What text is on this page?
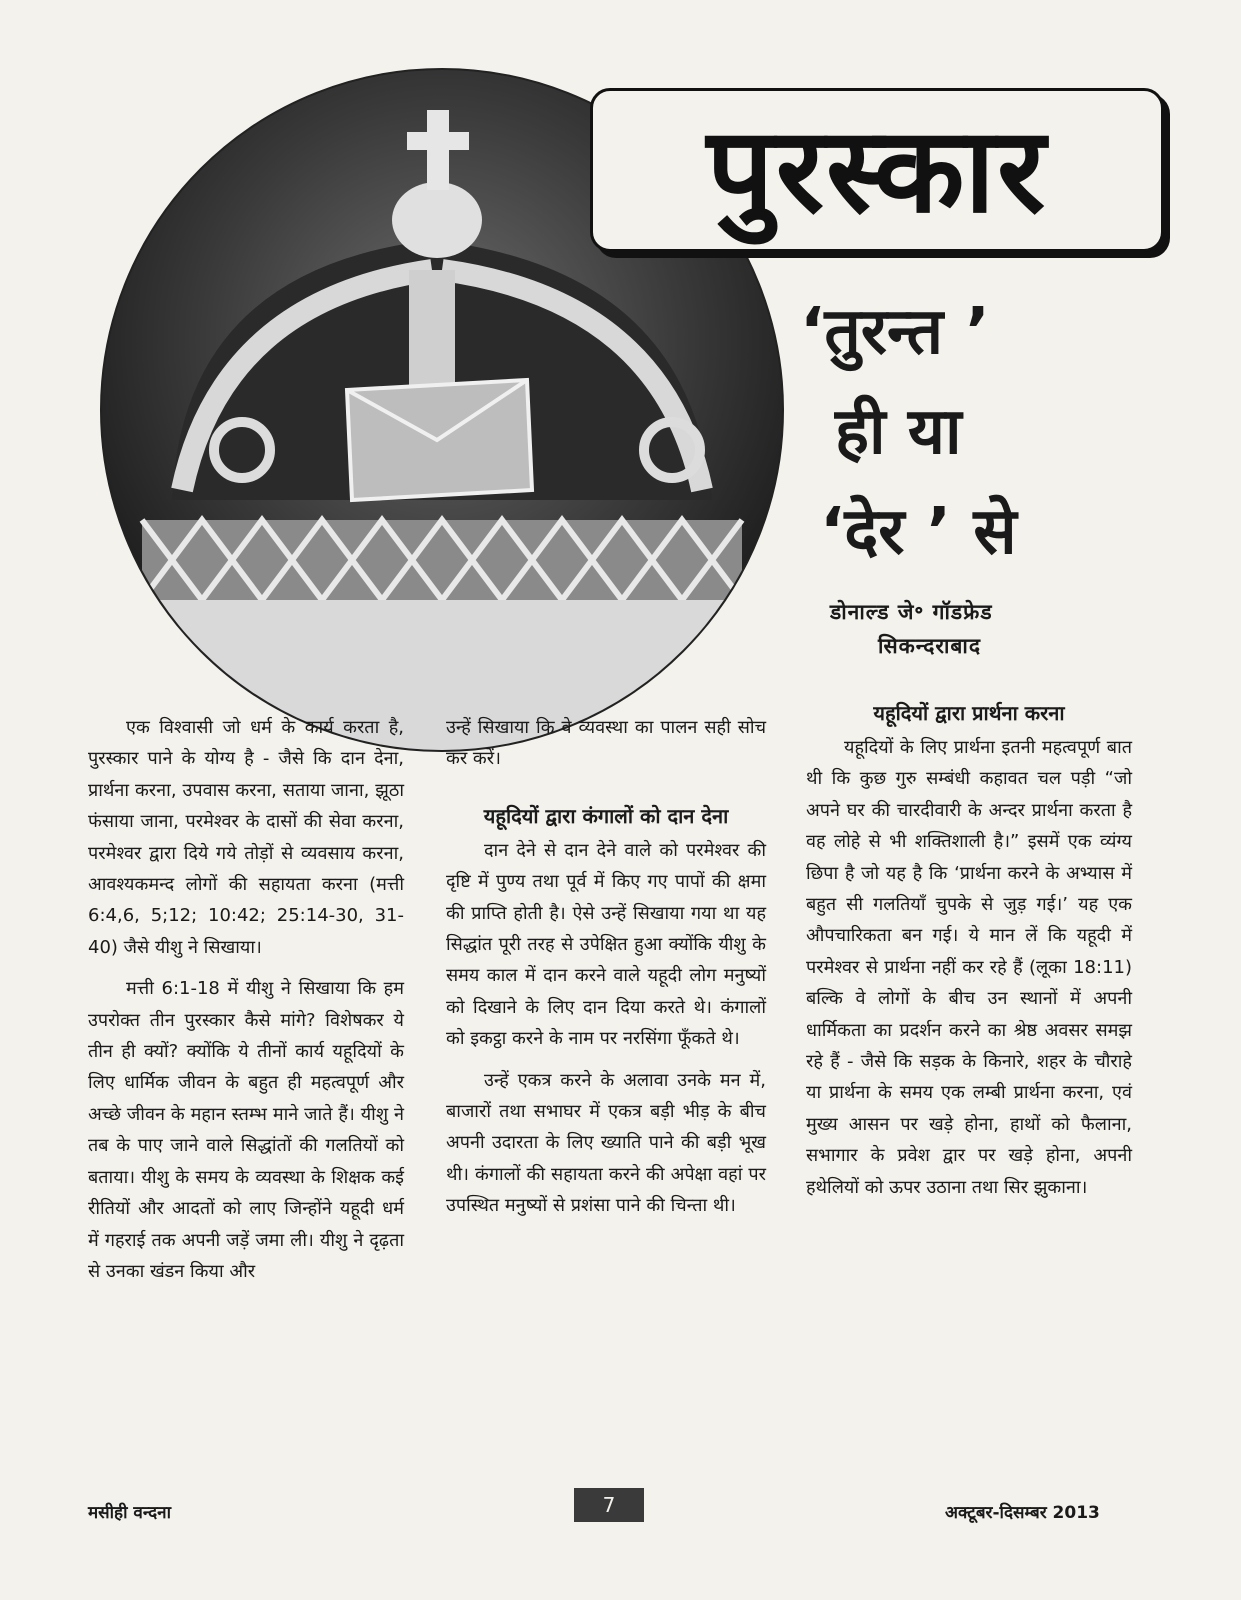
पुरस्कार
‘तुरन्त ’
ही या
‘देर ’ से
डोनाल्ड जे॰ गॉडफ्रेड
सिकन्दराबाद

एक विश्वासी जो धर्म के कार्य करता है, पुरस्कार पाने के योग्य है - जैसे कि दान देना, प्रार्थना करना, उपवास करना, सताया जाना, झूठा फंसाया जाना, परमेश्वर के दासों की सेवा करना, परमेश्वर द्वारा दिये गये तोड़ों से व्यवसाय करना, आवश्यकमन्द लोगों की सहायता करना (मत्ती 6:4,6, 5;12; 10:42; 25:14-30, 31-40) जैसे यीशु ने सिखाया।

मत्ती 6:1-18 में यीशु ने सिखाया कि हम उपरोक्त तीन पुरस्कार कैसे मांगे? विशेषकर ये तीन ही क्यों? क्योंकि ये तीनों कार्य यहूदियों के लिए धार्मिक जीवन के बहुत ही महत्वपूर्ण और अच्छे जीवन के महान स्तम्भ माने जाते हैं। यीशु ने तब के पाए जाने वाले सिद्धांतों की गलतियों को बताया। यीशु के समय के व्यवस्था के शिक्षक कई रीतियों और आदतों को लाए जिन्होंने यहूदी धर्म में गहराई तक अपनी जड़ें जमा ली। यीशु ने दृढ़ता से उनका खंडन किया और

उन्हें सिखाया कि वे व्यवस्था का पालन सही सोच कर करें।

यहूदियों द्वारा कंगालों को दान देना

दान देने से दान देने वाले को परमेश्वर की दृष्टि में पुण्य तथा पूर्व में किए गए पापों की क्षमा की प्राप्ति होती है। ऐसे उन्हें सिखाया गया था यह सिद्धांत पूरी तरह से उपेक्षित हुआ क्योंकि यीशु के समय काल में दान करने वाले यहूदी लोग मनुष्यों को दिखाने के लिए दान दिया करते थे। कंगालों को इकट्ठा करने के नाम पर नरसिंगा फूँकते थे।

उन्हें एकत्र करने के अलावा उनके मन में, बाजारों तथा सभाघर में एकत्र बड़ी भीड़ के बीच अपनी उदारता के लिए ख्याति पाने की बड़ी भूख थी। कंगालों की सहायता करने की अपेक्षा वहां पर उपस्थित मनुष्यों से प्रशंसा पाने की चिन्ता थी।

यहूदियों द्वारा प्रार्थना करना

यहूदियों के लिए प्रार्थना इतनी महत्वपूर्ण बात थी कि कुछ गुरु सम्बंधी कहावत चल पड़ी “जो अपने घर की चारदीवारी के अन्दर प्रार्थना करता है वह लोहे से भी शक्तिशाली है।” इसमें एक व्यंग्य छिपा है जो यह है कि ‘प्रार्थना करने के अभ्यास में बहुत सी गलतियाँ चुपके से जुड़ गई।’ यह एक औपचारिकता बन गई। ये मान लें कि यहूदी में परमेश्वर से प्रार्थना नहीं कर रहे हैं (लूका 18:11) बल्कि वे लोगों के बीच उन स्थानों में अपनी धार्मिकता का प्रदर्शन करने का श्रेष्ठ अवसर समझ रहे हैं - जैसे कि सड़क के किनारे, शहर के चौराहे या प्रार्थना के समय एक लम्बी प्रार्थना करना, एवं मुख्य आसन पर खड़े होना, हाथों को फैलाना, सभागार के प्रवेश द्वार पर खड़े होना, अपनी हथेलियों को ऊपर उठाना तथा सिर झुकाना।

मसीही वन्दना	7	अक्टूबर-दिसम्बर 2013
